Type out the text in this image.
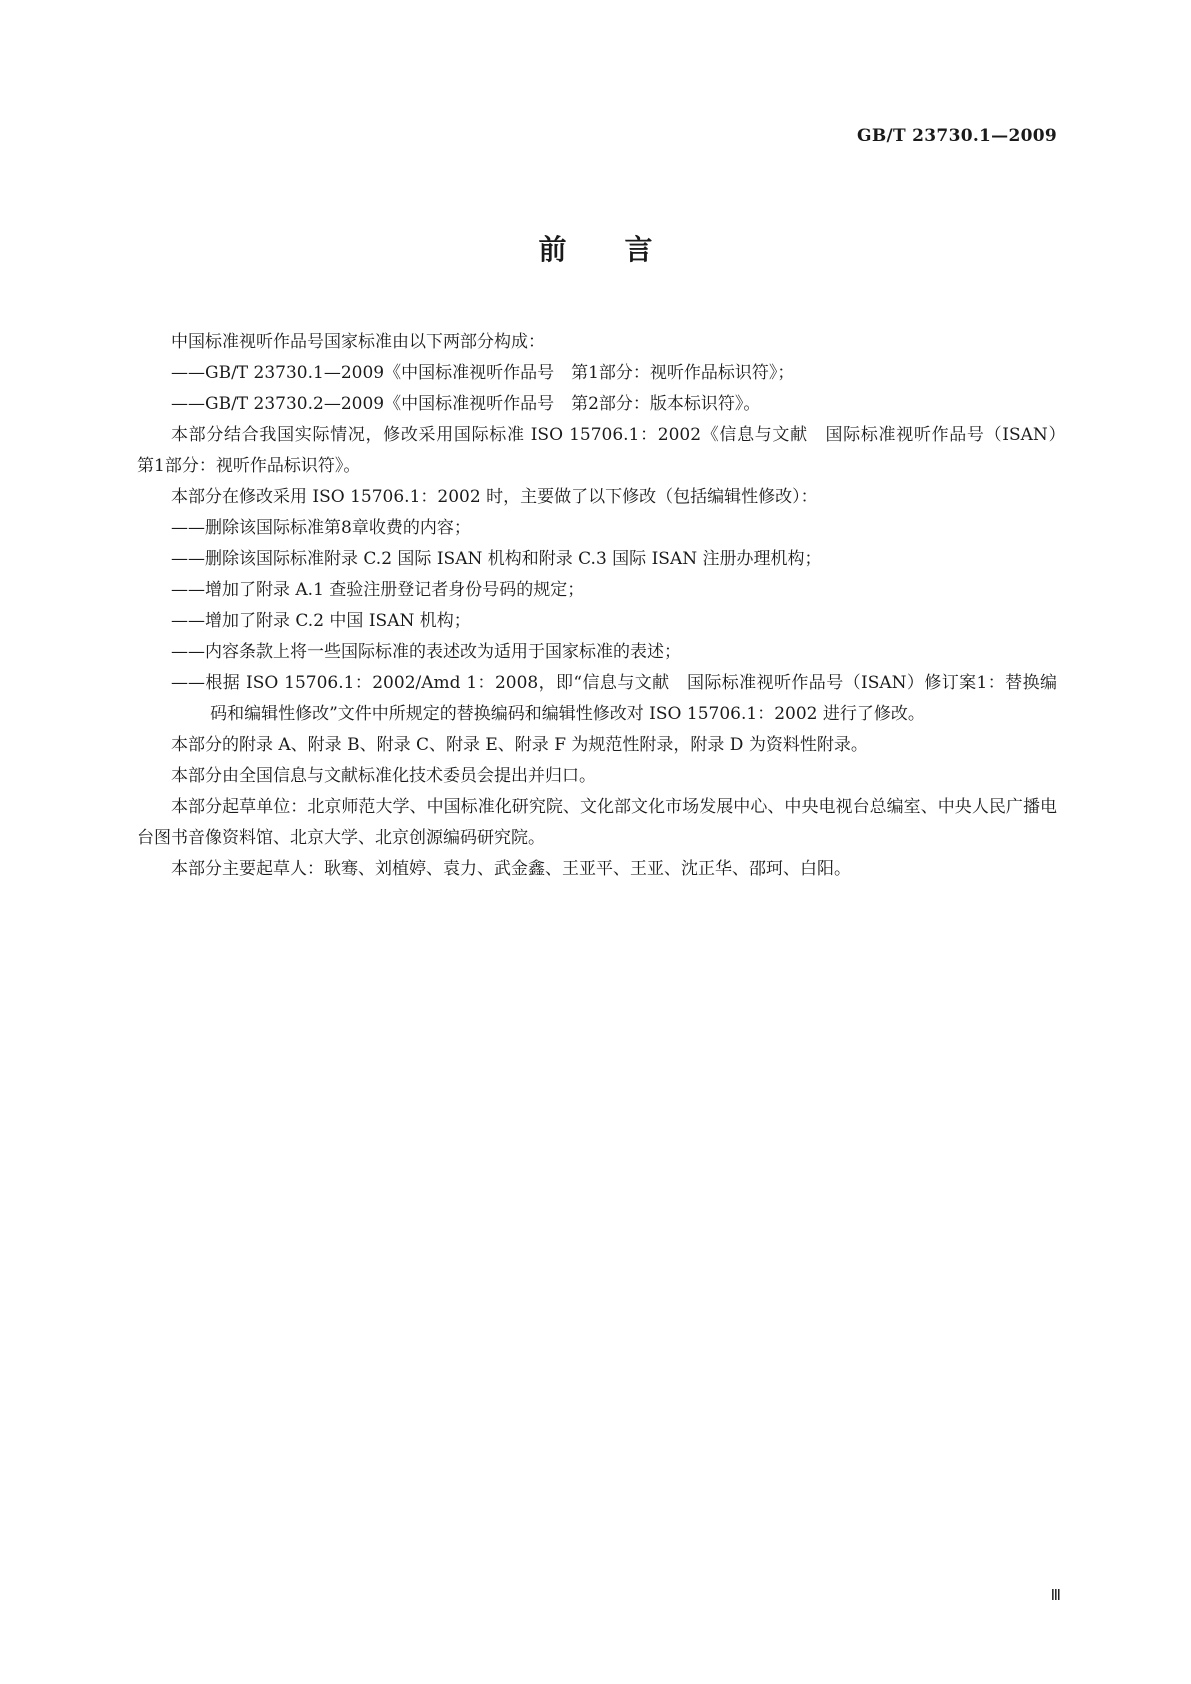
GB/T 23730.1—2009
前言

中国标准视听作品号国家标准由以下两部分构成：

——GB/T 23730.1—2009《中国标准视听作品号　第1部分：视听作品标识符》；

——GB/T 23730.2—2009《中国标准视听作品号　第2部分：版本标识符》。

本部分结合我国实际情况，修改采用国际标准 ISO 15706.1：2002《信息与文献　国际标准视听作品号（ISAN）　第1部分：视听作品标识符》。

本部分在修改采用 ISO 15706.1：2002 时，主要做了以下修改（包括编辑性修改）：

——删除该国际标准第8章收费的内容；

——删除该国际标准附录 C.2 国际 ISAN 机构和附录 C.3 国际 ISAN 注册办理机构；

——增加了附录 A.1 查验注册登记者身份号码的规定；

——增加了附录 C.2 中国 ISAN 机构；

——内容条款上将一些国际标准的表述改为适用于国家标准的表述；

——根据 ISO 15706.1：2002/Amd 1：2008，即“信息与文献　国际标准视听作品号（ISAN）修订案1：替换编码和编辑性修改”文件中所规定的替换编码和编辑性修改对 ISO 15706.1：2002 进行了修改。

本部分的附录 A、附录 B、附录 C、附录 E、附录 F 为规范性附录，附录 D 为资料性附录。

本部分由全国信息与文献标准化技术委员会提出并归口。

本部分起草单位：北京师范大学、中国标准化研究院、文化部文化市场发展中心、中央电视台总编室、中央人民广播电台图书音像资料馆、北京大学、北京创源编码研究院。

本部分主要起草人：耿骞、刘植婷、袁力、武金鑫、王亚平、王亚、沈正华、邵珂、白阳。

Ⅲ
